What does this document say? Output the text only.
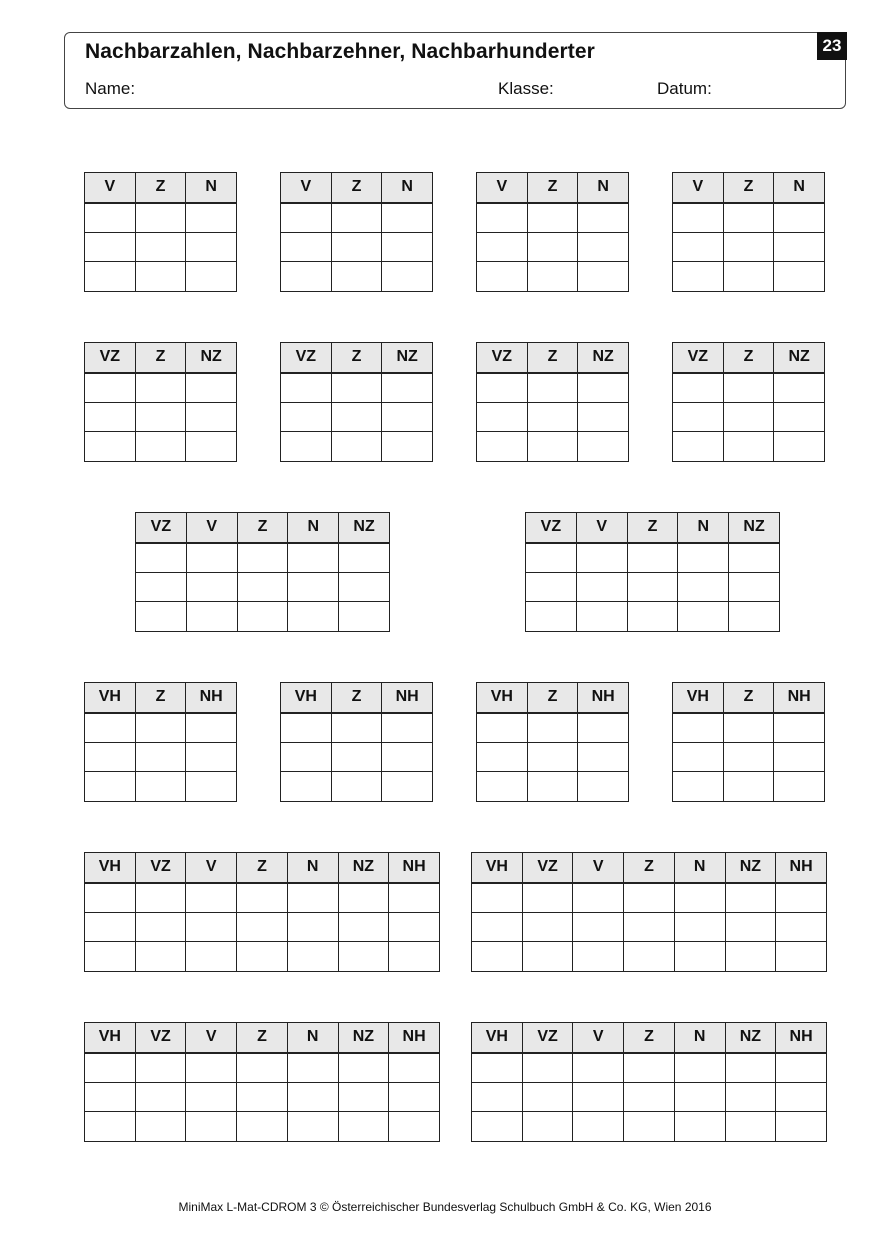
Nachbarzahlen, Nachbarzehner, Nachbarhunderter
Name:	Klasse:	Datum:
23
V	Z	N

			V	Z	N

			V	Z	N

			V	Z	N

VZ	Z	NZ

			VZ	Z	NZ

			VZ	Z	NZ

			VZ	Z	NZ

VZ	V	Z	N	NZ

					VZ	V	Z	N	NZ

VH	Z	NH

			VH	Z	NH

			VH	Z	NH

			VH	Z	NH

VH	VZ	V	Z	N	NZ	NH

							VH	VZ	V	Z	N	NZ	NH

VH	VZ	V	Z	N	NZ	NH

							VH	VZ	V	Z	N	NZ	NH

MiniMax L-Mat-CDROM 3 © Österreichischer Bundesverlag Schulbuch GmbH & Co. KG, Wien 2016
